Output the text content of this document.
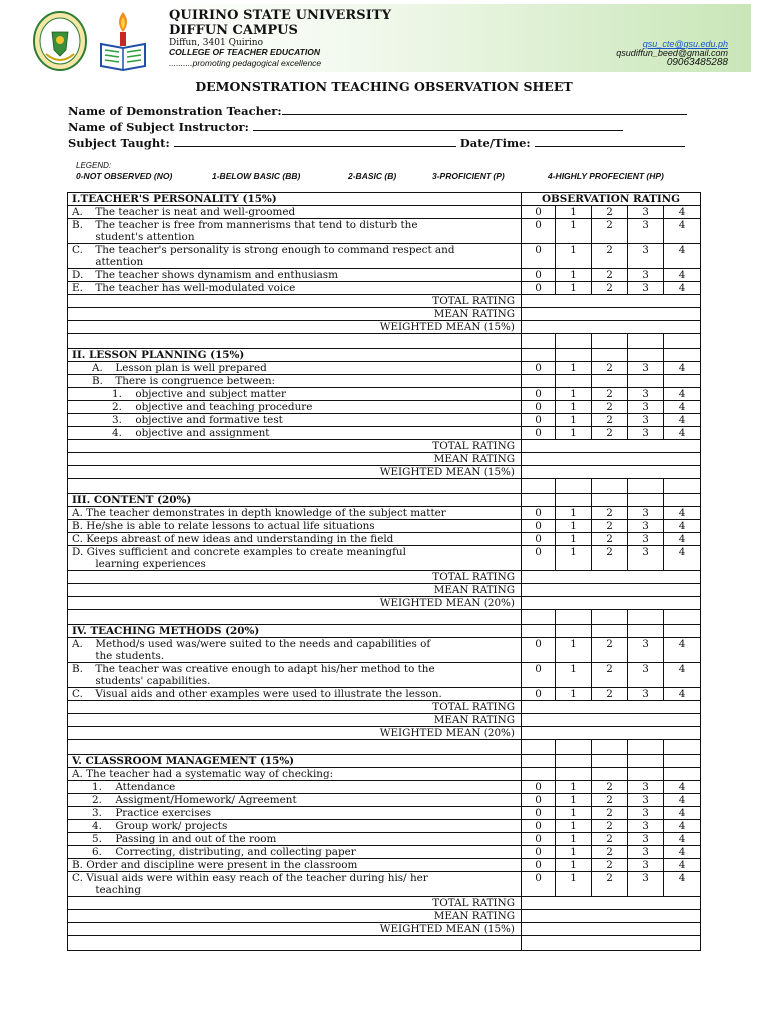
QUIRINO STATE UNIVERSITY
DIFFUN CAMPUS
Diffun, 3401 Quirino
COLLEGE OF TEACHER EDUCATION
..........promoting pedagogical excellence
qsu_cte@qsu.edu.ph
qsudiffun_beed@gmail.com
09063485288
DEMONSTRATION TEACHING OBSERVATION SHEET
Name of Demonstration Teacher:
Name of Subject Instructor:
Subject Taught:	Date/Time:
LEGEND:
0-NOT OBSERVED (NO)	1-BELOW BASIC (BB)	2-BASIC (B)	3-PROFICIENT (P)	4-HIGHLY PROFECIENT (HP)
I.TEACHER'S PERSONALITY (15%)	OBSERVATION RATING				
A. The teacher is neat and well-groomed	0	1	2	3	4
B. The teacher is free from mannerisms that tend to disturb the
student's attention	0	1	2	3	4
C. The teacher's personality is strong enough to command respect and
attention	0	1	2	3	4
D. The teacher shows dynamism and enthusiasm	0	1	2	3	4
E. The teacher has well-modulated voice	0	1	2	3	4
TOTAL RATING					
MEAN RATING					
WEIGHTED MEAN (15%)					

II. LESSON PLANNING (15%)					
A. Lesson plan is well prepared	0	1	2	3	4
B. There is congruence between:					
1. objective and subject matter	0	1	2	3	4
2. objective and teaching procedure	0	1	2	3	4
3. objective and formative test	0	1	2	3	4
4. objective and assignment	0	1	2	3	4
TOTAL RATING					
MEAN RATING					
WEIGHTED MEAN (15%)					

III. CONTENT (20%)					
A. The teacher demonstrates in depth knowledge of the subject matter	0	1	2	3	4
B. He/she is able to relate lessons to actual life situations	0	1	2	3	4
C. Keeps abreast of new ideas and understanding in the field	0	1	2	3	4
D. Gives sufficient and concrete examples to create meaningful
learning experiences	0	1	2	3	4
TOTAL RATING					
MEAN RATING					
WEIGHTED MEAN (20%)					

IV. TEACHING METHODS (20%)					
A. Method/s used was/were suited to the needs and capabilities of
the students.	0	1	2	3	4
B. The teacher was creative enough to adapt his/her method to the
students' capabilities.	0	1	2	3	4
C. Visual aids and other examples were used to illustrate the lesson.	0	1	2	3	4
TOTAL RATING					
MEAN RATING					
WEIGHTED MEAN (20%)					

V. CLASSROOM MANAGEMENT (15%)					
A. The teacher had a systematic way of checking:					
1. Attendance	0	1	2	3	4
2. Assigment/Homework/ Agreement	0	1	2	3	4
3. Practice exercises	0	1	2	3	4
4. Group work/ projects	0	1	2	3	4
5. Passing in and out of the room	0	1	2	3	4
6. Correcting, distributing, and collecting paper	0	1	2	3	4
B. Order and discipline were present in the classroom	0	1	2	3	4
C. Visual aids were within easy reach of the teacher during his/ her
teaching	0	1	2	3	4
TOTAL RATING					
MEAN RATING					
WEIGHTED MEAN (15%)					
